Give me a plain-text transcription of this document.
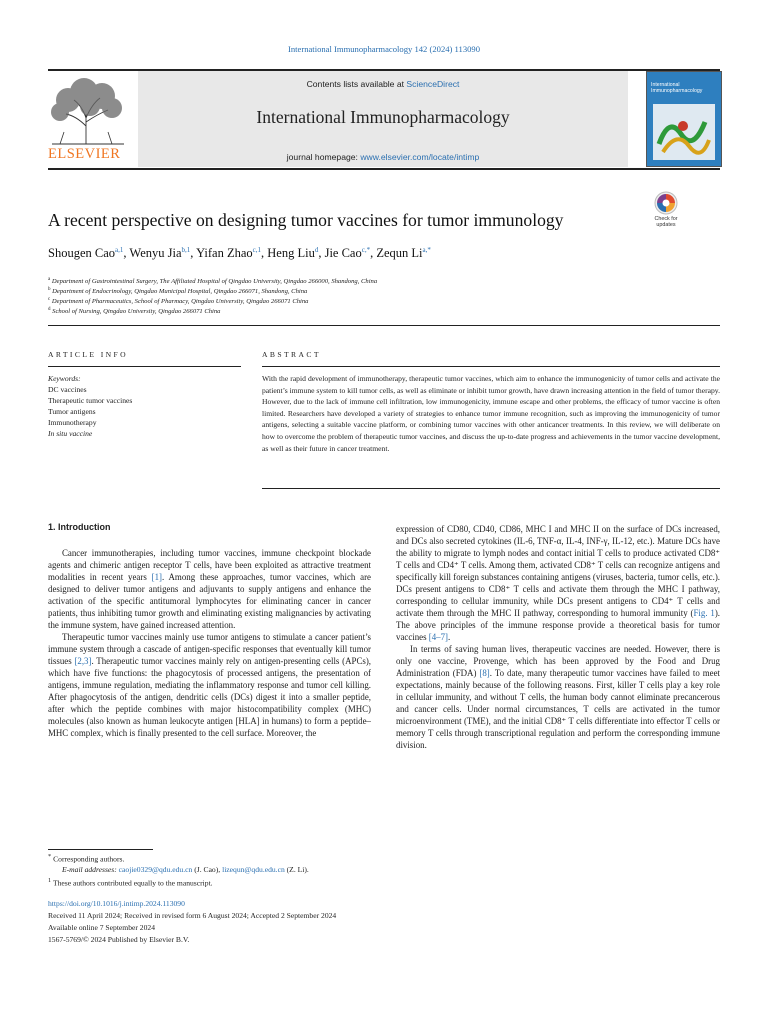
International Immunopharmacology 142 (2024) 113090
ELSEVIER
Contents lists available at ScienceDirect
International Immunopharmacology
journal homepage: www.elsevier.com/locate/intimp
International Immunopharmacology
A recent perspective on designing tumor vaccines for tumor immunology	Check for updates
Shougen Cao$^{a,1}$, Wenyu Jia$^{b,1}$, Yifan Zhao$^{c,1}$, Heng Liu$^d$, Jie Cao$^{c,*}$, Zequn $Li^{a,*}$
$^a$ Department of Gastrointestinal Surgery, The Affiliated Hospital of Qingdao University, Qingdao 266000, Shandong, China
$^b$ Department of Endocrinology, Qingdao Municipal Hospital, Qingdao 266071, Shandong, China
$^c$ Department of Pharmaceutics, School of Pharmacy, Qingdao University, Qingdao 266071 China
$^d$ School of Nursing, Qingdao University, Qingdao 266071 China
ARTICLE INFO
Keywords:
DC vaccines
Therapeutic tumor vaccines
Tumor antigens
Immunotherapy
In situ vaccine
ABSTRACT
With the rapid development of immunotherapy, therapeutic tumor vaccines, which aim to enhance the immunogenicity of tumor cells and activate the patient’s immune system to kill tumor cells, as well as eliminate or inhibit tumor growth, have drawn increasing attention in the field of tumor therapy. However, due to the lack of immune cell infiltration, low immunogenicity, immune escape and other problems, the efficacy of tumor vaccine is often limited. Researchers have developed a variety of strategies to enhance tumor immune recognition, such as improving the immunogenicity of tumor antigens, selecting a suitable vaccine platform, or combining tumor vaccines with other anticancer treatments. In this review, we will deliberate on how to overcome the problem of therapeutic tumor vaccines, and discuss the up-to-date progress and achievements in the tumor vaccine development, as well as their future in cancer treatment.
1. Introduction

Cancer immunotherapies, including tumor vaccines, immune checkpoint blockade agents and chimeric antigen receptor T cells, have been exploited as attractive treatment modalities in recent years [1]. Among these approaches, tumor vaccines, which are designed to deliver tumor antigens and adjuvants to supply antigens and enhance the activation of the specific antitumoral lymphocytes for eliminating cancer in cancer patients, thus inhibiting tumor growth and eliminating existing malignancies by activating the immune system, have gained increased attention.

Therapeutic tumor vaccines mainly use tumor antigens to stimulate a cancer patient’s immune system through a cascade of antigen-specific responses that eventually kill tumor tissues [2,3]. Therapeutic tumor vaccines mainly rely on antigen-presenting cells (APCs), which have five functions: the phagocytosis of processed antigens, the presentation of antigens, immune regulation, mediating the inflammatory response and tumor cell killing. After phagocytosis of the antigen, dendritic cells (DCs) digest it into a smaller peptide, after which the peptide combines with major histocompatibility complex (MHC) molecules (also known as human leukocyte antigen [HLA] in humans) to form a peptide–MHC complex, which is finally presented to the cell surface. Moreover, the

expression of CD80, CD40, CD86, MHC I and MHC II on the surface of DCs increased, and DCs also secreted cytokines (IL-6, TNF-α, IL-4, INF-γ, IL-12, etc.). Mature DCs have the ability to migrate to lymph nodes and contact initial T cells to produce activated CD8⁺ T cells and CD4⁺ T cells. Among them, activated CD8⁺ T cells can recognize antigens and specifically kill foreign substances containing antigens (viruses, bacteria, tumor cells, etc.). DCs present antigens to CD8⁺ T cells and activate them through the MHC I pathway, corresponding to cellular immunity, while DCs present antigens to CD4⁺ T cells and activate them through the MHC II pathway, corresponding to humoral immunity (Fig. 1). The above principles of the immune response provide a theoretical basis for tumor vaccines [4–7].

In terms of saving human lives, therapeutic vaccines are needed. However, there is only one vaccine, Provenge, which has been approved by the Food and Drug Administration (FDA) [8]. To date, many therapeutic tumor vaccines have failed to meet expectations, mainly because of the following reasons. First, killer T cells play a key role in cellular immunity, and without T cells, the human body cannot eliminate precancerous and cancer cells. Under normal circumstances, T cells are activated in the tumor microenvironment (TME), and the initial CD8⁺ T cells differentiate into effector T cells or memory T cells through transcriptional regulation and perform the corresponding immune division.

* Corresponding authors.
E-mail addresses: caojie0329@qdu.edu.cn (J. Cao), lizequn@qdu.edu.cn (Z. Li).
$^1$ These authors contributed equally to the manuscript.
https://doi.org/10.1016/j.intimp.2024.113090
Received 11 April 2024; Received in revised form 6 August 2024; Accepted 2 September 2024
Available online 7 September 2024
1567-5769/© 2024 Published by Elsevier B.V.
